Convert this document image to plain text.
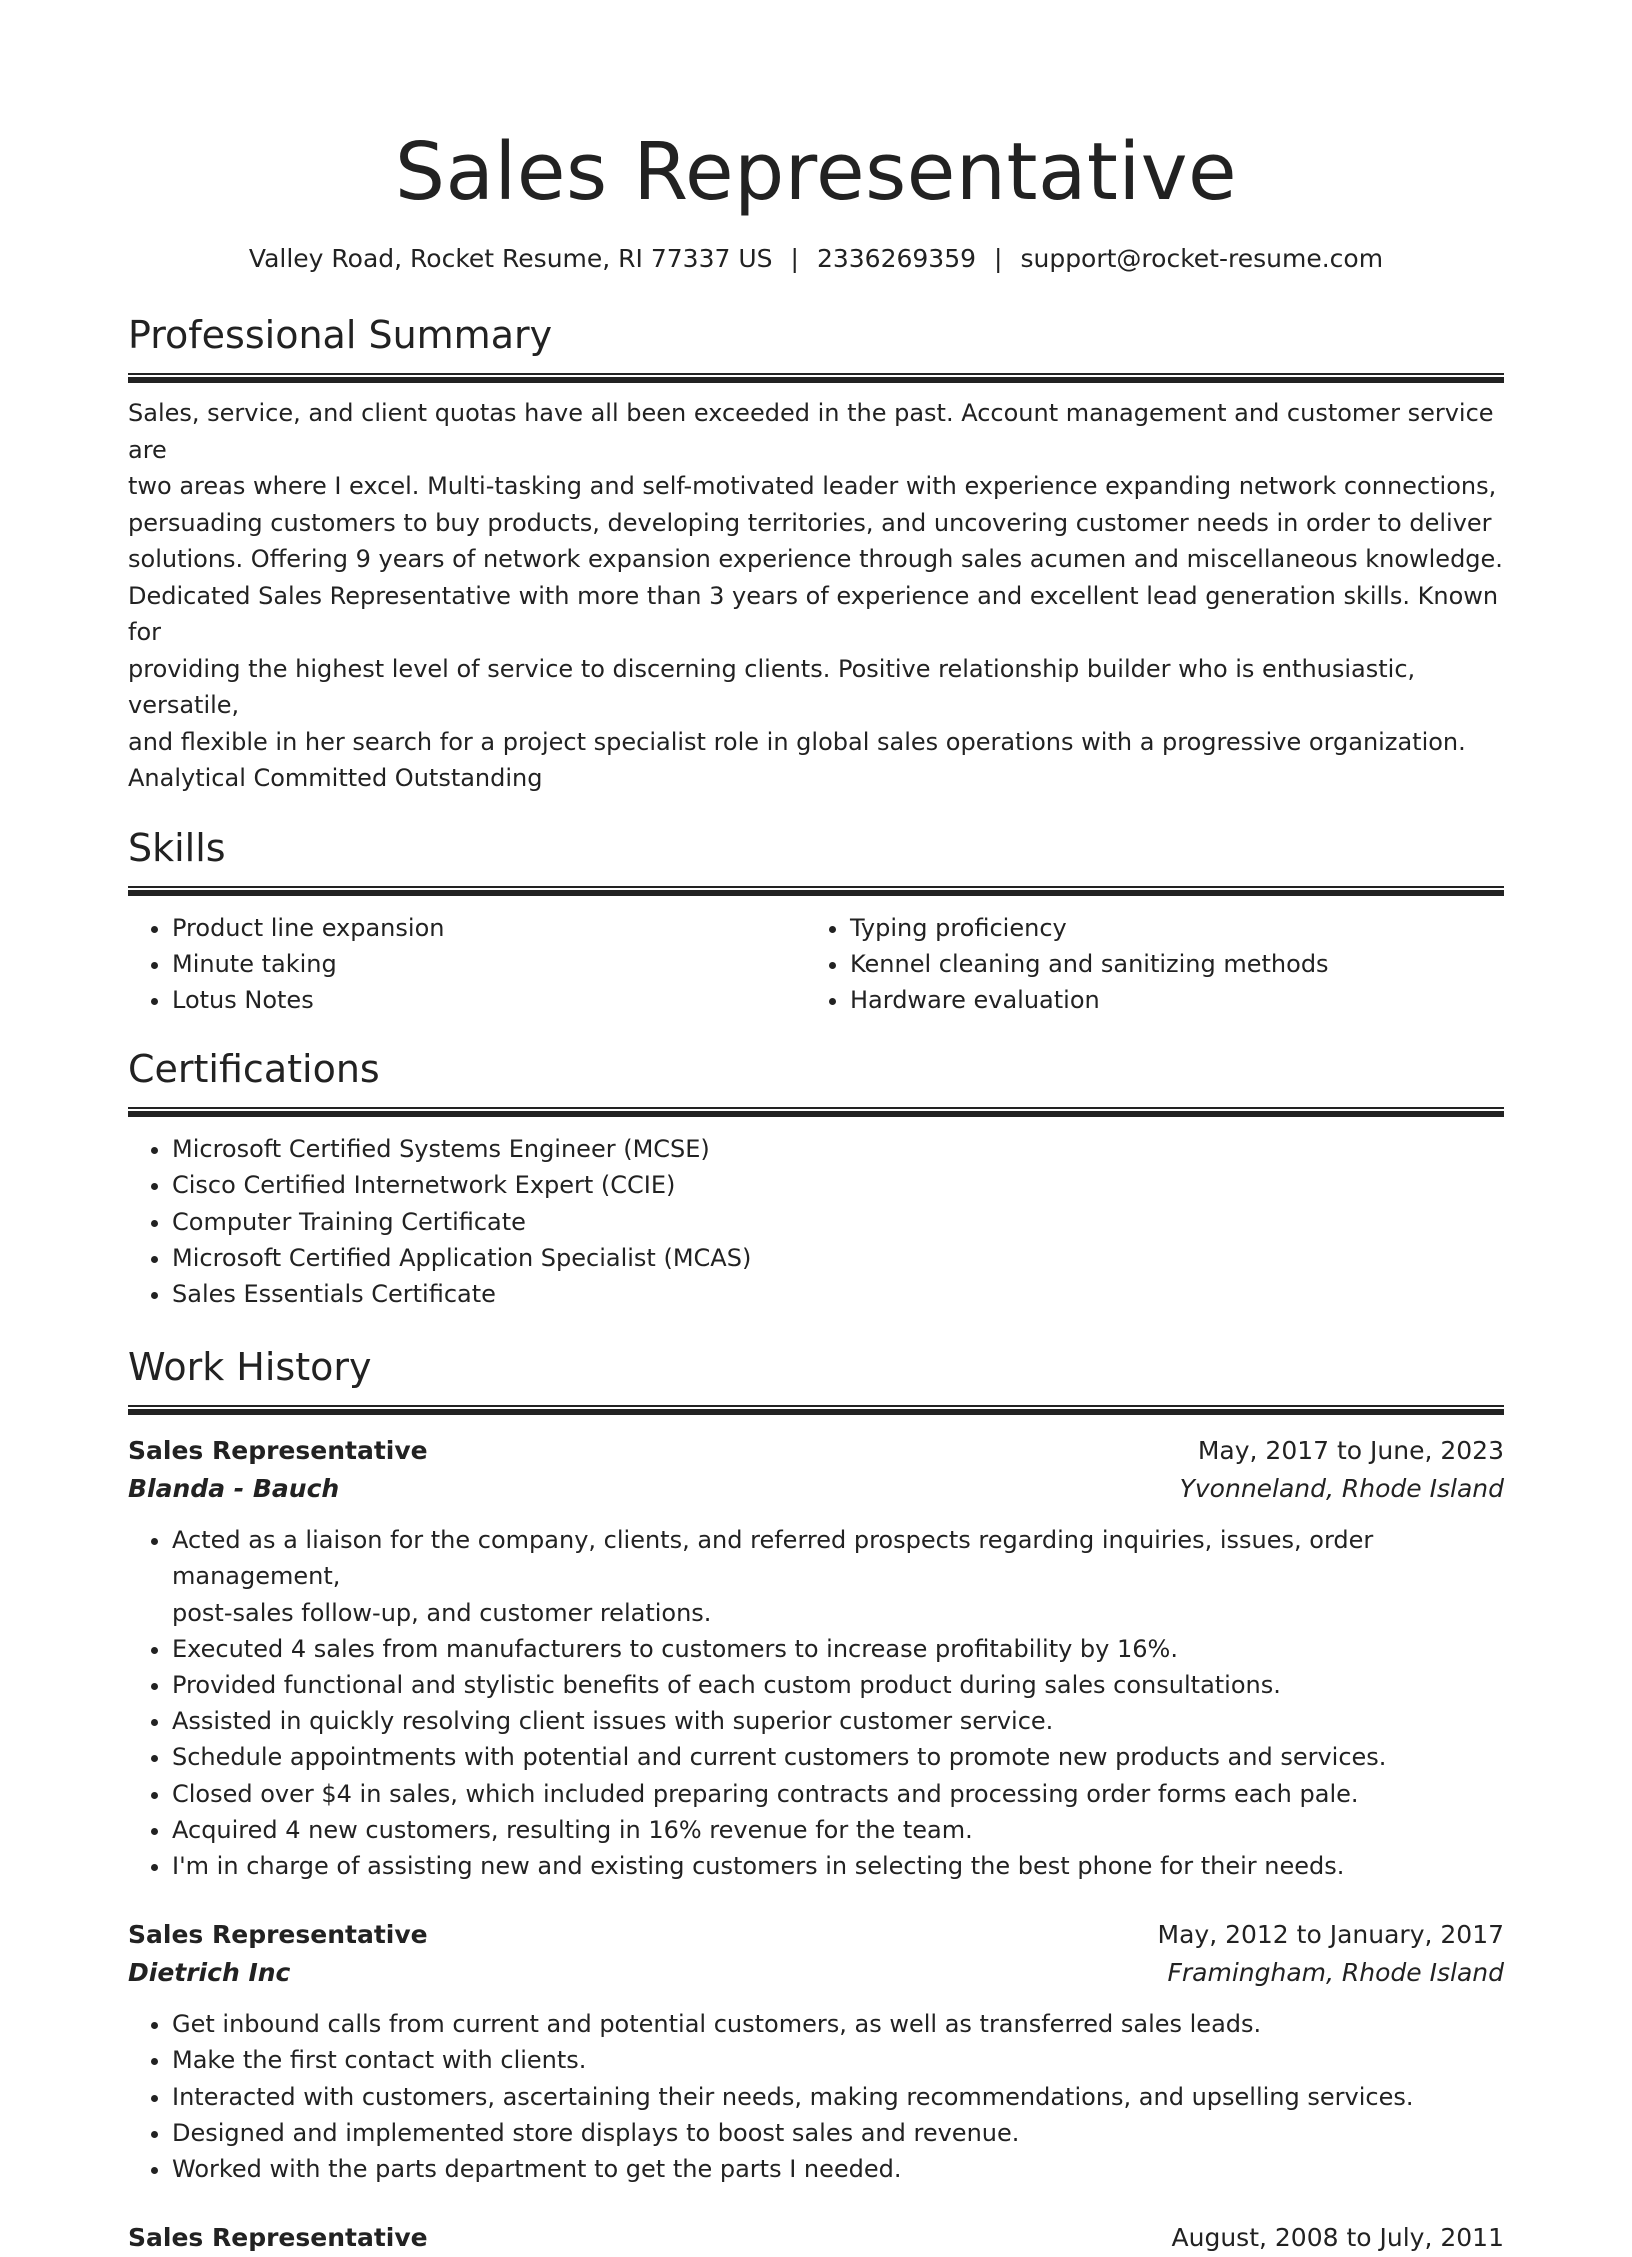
Sales Representative
Valley Road, Rocket Resume, RI 77337 US | 2336269359 | support@rocket-resume.com
Professional Summary
Sales, service, and client quotas have all been exceeded in the past. Account management and customer service are
two areas where I excel. Multi-tasking and self-motivated leader with experience expanding network connections,
persuading customers to buy products, developing territories, and uncovering customer needs in order to deliver
solutions. Offering 9 years of network expansion experience through sales acumen and miscellaneous knowledge.
Dedicated Sales Representative with more than 3 years of experience and excellent lead generation skills. Known for
providing the highest level of service to discerning clients. Positive relationship builder who is enthusiastic, versatile,
and flexible in her search for a project specialist role in global sales operations with a progressive organization.
Analytical Committed Outstanding
Skills
• Product line expansion
• Minute taking
• Lotus Notes
• Typing proficiency
• Kennel cleaning and sanitizing methods
• Hardware evaluation
Certifications
• Microsoft Certified Systems Engineer (MCSE)
• Cisco Certified Internetwork Expert (CCIE)
• Computer Training Certificate
• Microsoft Certified Application Specialist (MCAS)
• Sales Essentials Certificate
Work History
Sales Representative	May, 2017 to June, 2023
Blanda - Bauch	Yvonneland, Rhode Island
• Acted as a liaison for the company, clients, and referred prospects regarding inquiries, issues, order management,
post-sales follow-up, and customer relations.
• Executed 4 sales from manufacturers to customers to increase profitability by 16%.
• Provided functional and stylistic benefits of each custom product during sales consultations.
• Assisted in quickly resolving client issues with superior customer service.
• Schedule appointments with potential and current customers to promote new products and services.
• Closed over $4 in sales, which included preparing contracts and processing order forms each pale.
• Acquired 4 new customers, resulting in 16% revenue for the team.
• I'm in charge of assisting new and existing customers in selecting the best phone for their needs.
Sales Representative	May, 2012 to January, 2017
Dietrich Inc	Framingham, Rhode Island
• Get inbound calls from current and potential customers, as well as transferred sales leads.
• Make the first contact with clients.
• Interacted with customers, ascertaining their needs, making recommendations, and upselling services.
• Designed and implemented store displays to boost sales and revenue.
• Worked with the parts department to get the parts I needed.
Sales Representative	August, 2008 to July, 2011
